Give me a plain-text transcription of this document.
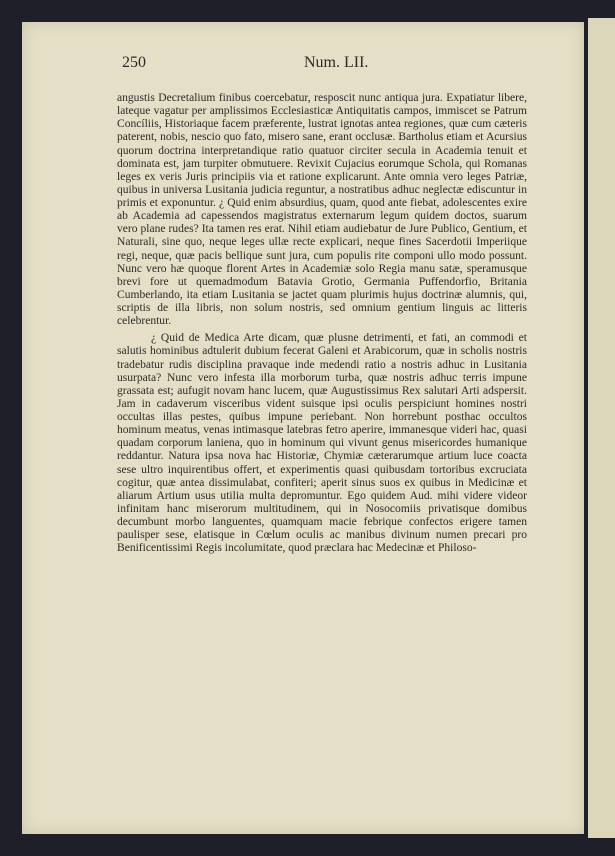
250	Num. LII.

angustis Decretalium finibus coercebatur, resposcit nunc antiqua jura. Expatiatur libere, lateque vagatur per amplissimos Ecclesiasticæ Antiquitatis campos, immiscet se Patrum Concíliis, Historiaque facem præferente, lustrat ignotas antea regiones, quæ cum cæteris paterent, nobis, nescio quo fato, misero sane, erant occlusæ. Bartholus etiam et Acursius quorum doctrina interpretandique ratio quatuor circiter secula in Academia tenuit et dominata est, jam turpiter obmutuere. Revixit Cujacius eorumque Schola, qui Romanas leges ex veris Juris principiis via et ratione explicarunt. Ante omnia vero leges Patriæ, quibus in universa Lusitania judicia reguntur, a nostratibus adhuc neglectæ ediscuntur in primis et exponuntur. ¿ Quid enim absurdius, quam, quod ante fiebat, adolescentes exire ab Academia ad capessendos magistratus externarum legum quidem doctos, suarum vero plane rudes? Ita tamen res erat. Nihil etiam audiebatur de Jure Publico, Gentium, et Naturali, sine quo, neque leges ullæ recte explicari, neque fines Sacerdotii Imperiique regi, neque, quæ pacis bellique sunt jura, cum populis rite componi ullo modo possunt. Nunc vero hæ quoque florent Artes in Academiæ solo Regia manu satæ, speramusque brevi fore ut quemadmodum Batavia Grotio, Germania Puffendorfio, Britania Cumberlando, ita etiam Lusitania se jactet quam plurimis hujus doctrinæ alumnis, qui, scriptis de illa libris, non solum nostris, sed omnium gentium linguis ac litteris celebrentur.

¿ Quid de Medica Arte dicam, quæ plusne detrimenti, et fati, an commodi et salutis hominibus adtulerit dubium fecerat Galeni et Arabicorum, quæ in scholis nostris tradebatur rudis disciplina pravaque inde medendi ratio a nostris adhuc in Lusitania usurpata? Nunc vero infesta illa morborum turba, quæ nostris adhuc terris impune grassata est; aufugit novam hanc lucem, quæ Augustissimus Rex salutari Arti adspersit. Jam in cadaverum visceribus vident suisque ipsi oculis perspiciunt homines nostri occultas illas pestes, quibus impune periebant. Non horrebunt posthac occultos hominum meatus, venas intimasque latebras fetro aperire, immanesque videri hac, quasi quadam corporum laniena, quo in hominum qui vivunt genus misericordes humanique reddantur. Natura ipsa nova hac Historiæ, Chymiæ cæterarumque artium luce coacta sese ultro inquirentibus offert, et experimentis quasi quibusdam tortoribus excruciata cogitur, quæ antea dissimulabat, confiteri; aperit sinus suos ex quibus in Medicinæ et aliarum Artium usus utilia multa depromuntur. Ego quidem Aud. mihi videre videor infinitam hanc miserorum multitudinem, qui in Nosocomiis privatisque domibus decumbunt morbo languentes, quamquam macie febrique confectos erigere tamen paulisper sese, elatisque in Cœlum oculis ac manibus divinum numen precari pro Benificentissimi Regis incolumitate, quod præclara hac Medecinæ et Philoso-
